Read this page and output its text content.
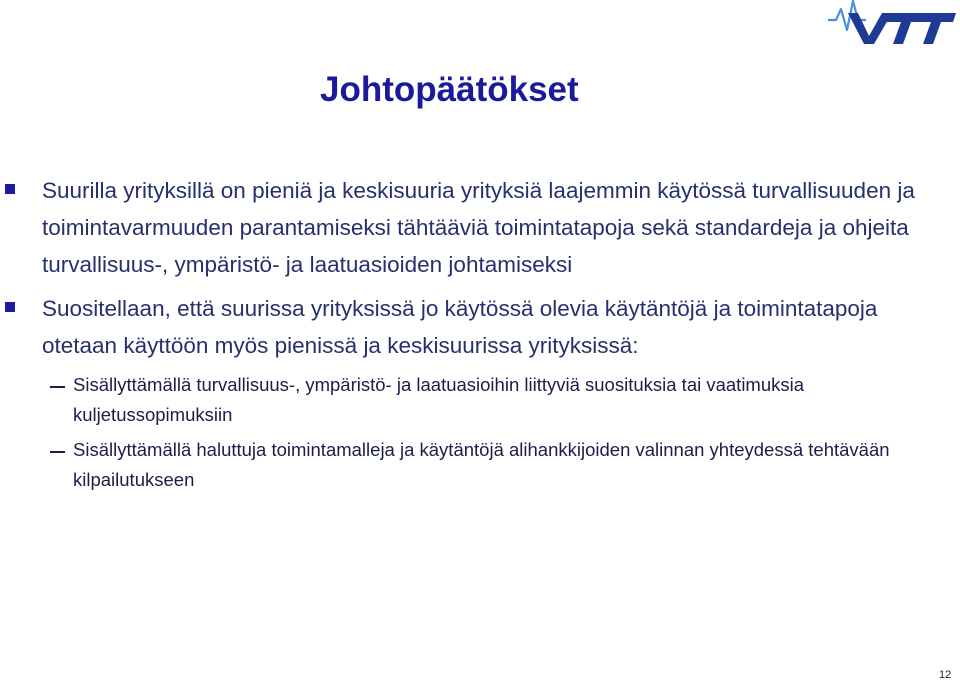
Johtopäätökset
Suurilla yrityksillä on pieniä ja keskisuuria yrityksiä laajemmin käytössä turvallisuuden ja toimintavarmuuden parantamiseksi tähtääviä toimintatapoja sekä standardeja ja ohjeita turvallisuus-, ympäristö- ja laatuasioiden johtamiseksi
Suositellaan, että suurissa yrityksissä jo käytössä olevia käytäntöjä ja toimintatapoja otetaan käyttöön myös pienissä ja keskisuurissa yrityksissä:
Sisällyttämällä turvallisuus-, ympäristö- ja laatuasioihin liittyviä suosituksia tai vaatimuksia kuljetussopimuksiin
Sisällyttämällä haluttuja toimintamalleja ja käytäntöjä alihankkijoiden valinnan yhteydessä tehtävään kilpailutukseen
12
